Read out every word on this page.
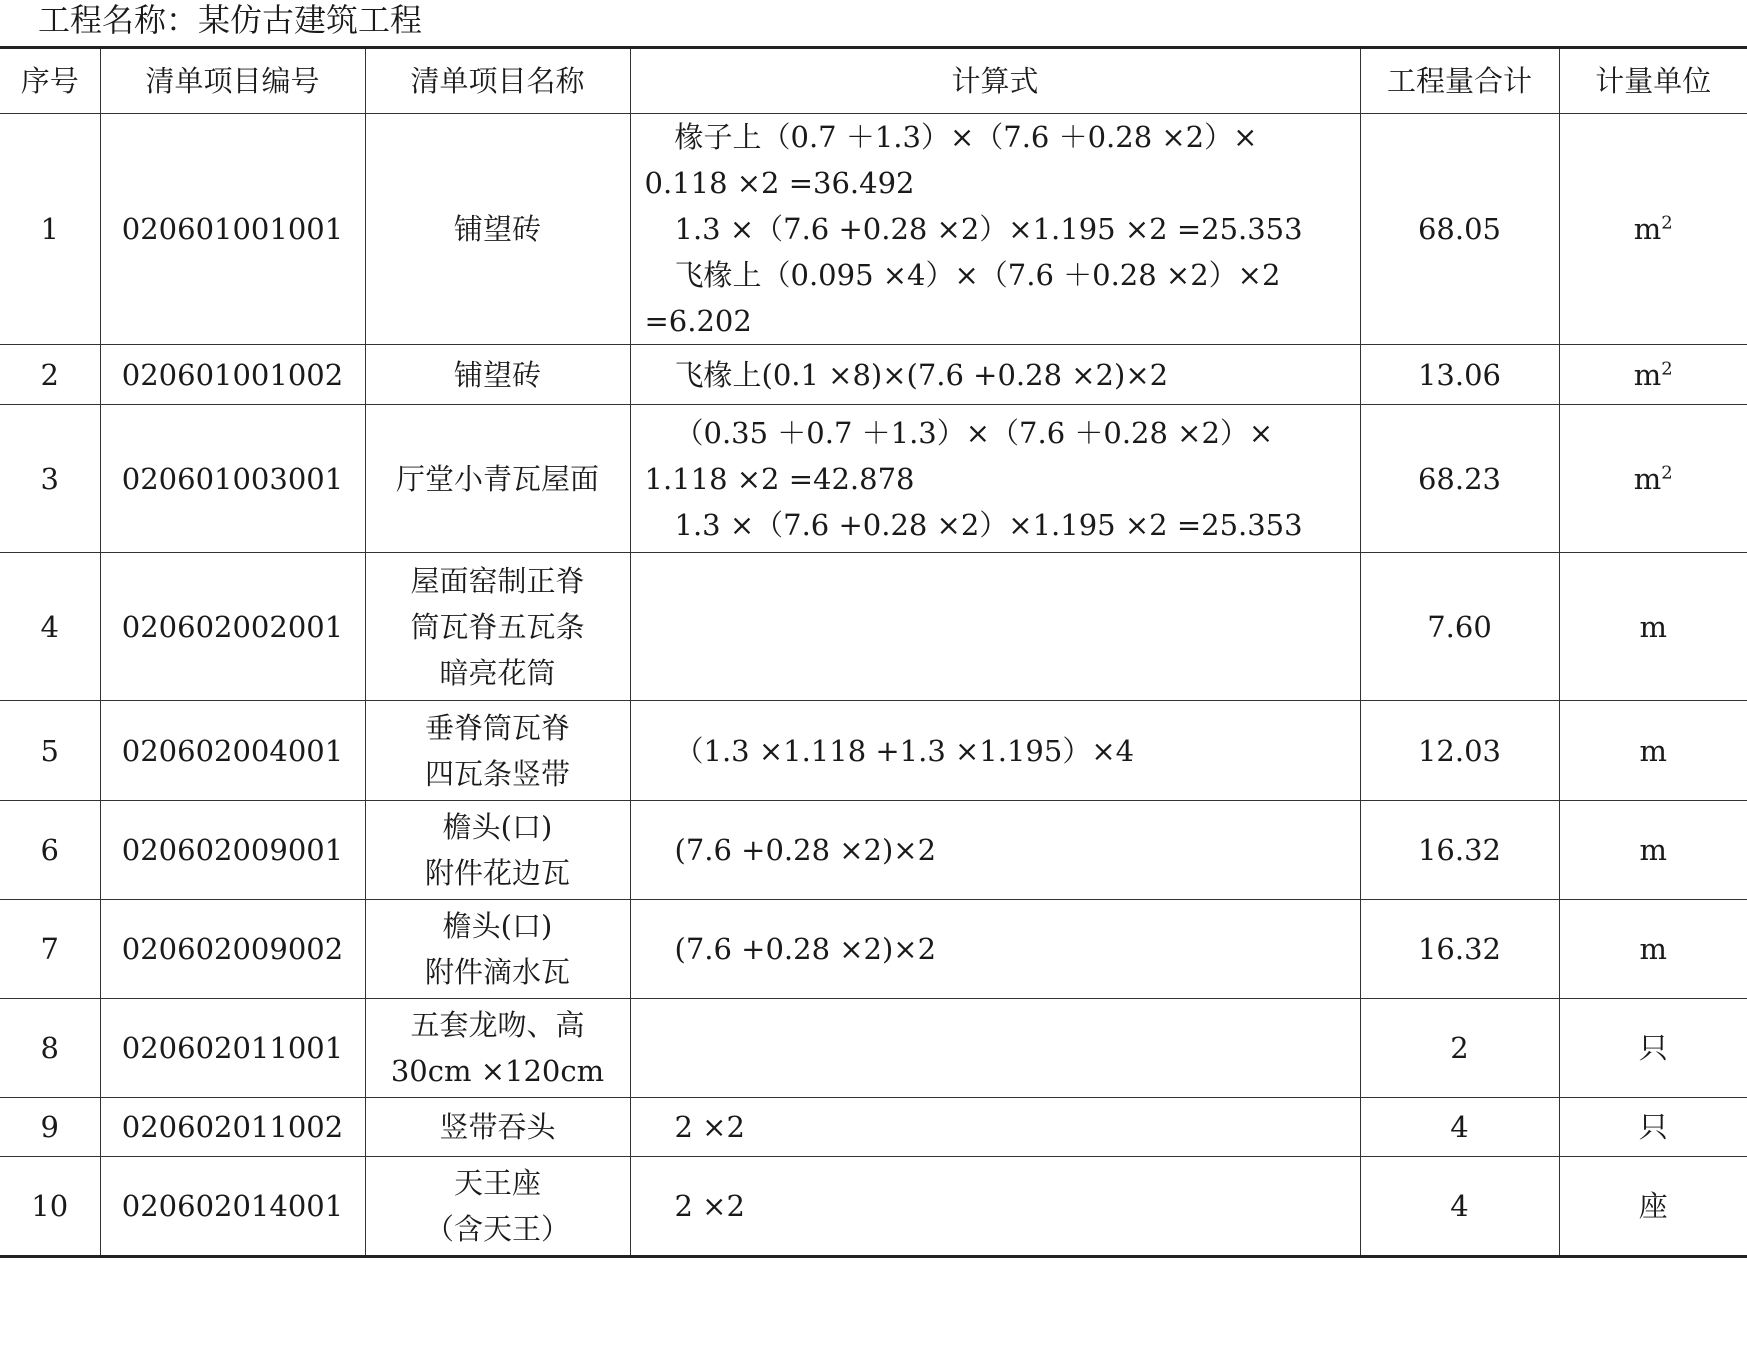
工程名称：某仿古建筑工程
序号	清单项目编号	清单项目名称	计算式	工程量合计	计量单位
1	020601001001	铺望砖	椽子上（0.7 ＋1.3）×（7.6 ＋0.28 ×2）×
0.118 ×2 =36.492
1.3 ×（7.6 +0.28 ×2）×1.195 ×2 =25.353
飞椽上（0.095 ×4）×（7.6 ＋0.28 ×2）×2
=6.202	68.05	$m^2$
2	020601001002	铺望砖	飞椽上(0.1 ×8)×(7.6 +0.28 ×2)×2	13.06	$m^2$
3	020601003001	厅堂小青瓦屋面	（0.35 ＋0.7 ＋1.3）×（7.6 ＋0.28 ×2）×
1.118 ×2 =42.878
1.3 ×（7.6 +0.28 ×2）×1.195 ×2 =25.353	68.23	$m^2$
4	020602002001	屋面窑制正脊
筒瓦脊五瓦条
暗亮花筒		7.60	m
5	020602004001	垂脊筒瓦脊
四瓦条竖带	（1.3 ×1.118 +1.3 ×1.195）×4	12.03	m
6	020602009001	檐头(口)
附件花边瓦	(7.6 +0.28 ×2)×2	16.32	m
7	020602009002	檐头(口)
附件滴水瓦	(7.6 +0.28 ×2)×2	16.32	m
8	020602011001	五套龙吻、高
30cm ×120cm		2	只
9	020602011002	竖带吞头	2 ×2	4	只
10	020602014001	天王座
（含天王）	2 ×2	4	座
